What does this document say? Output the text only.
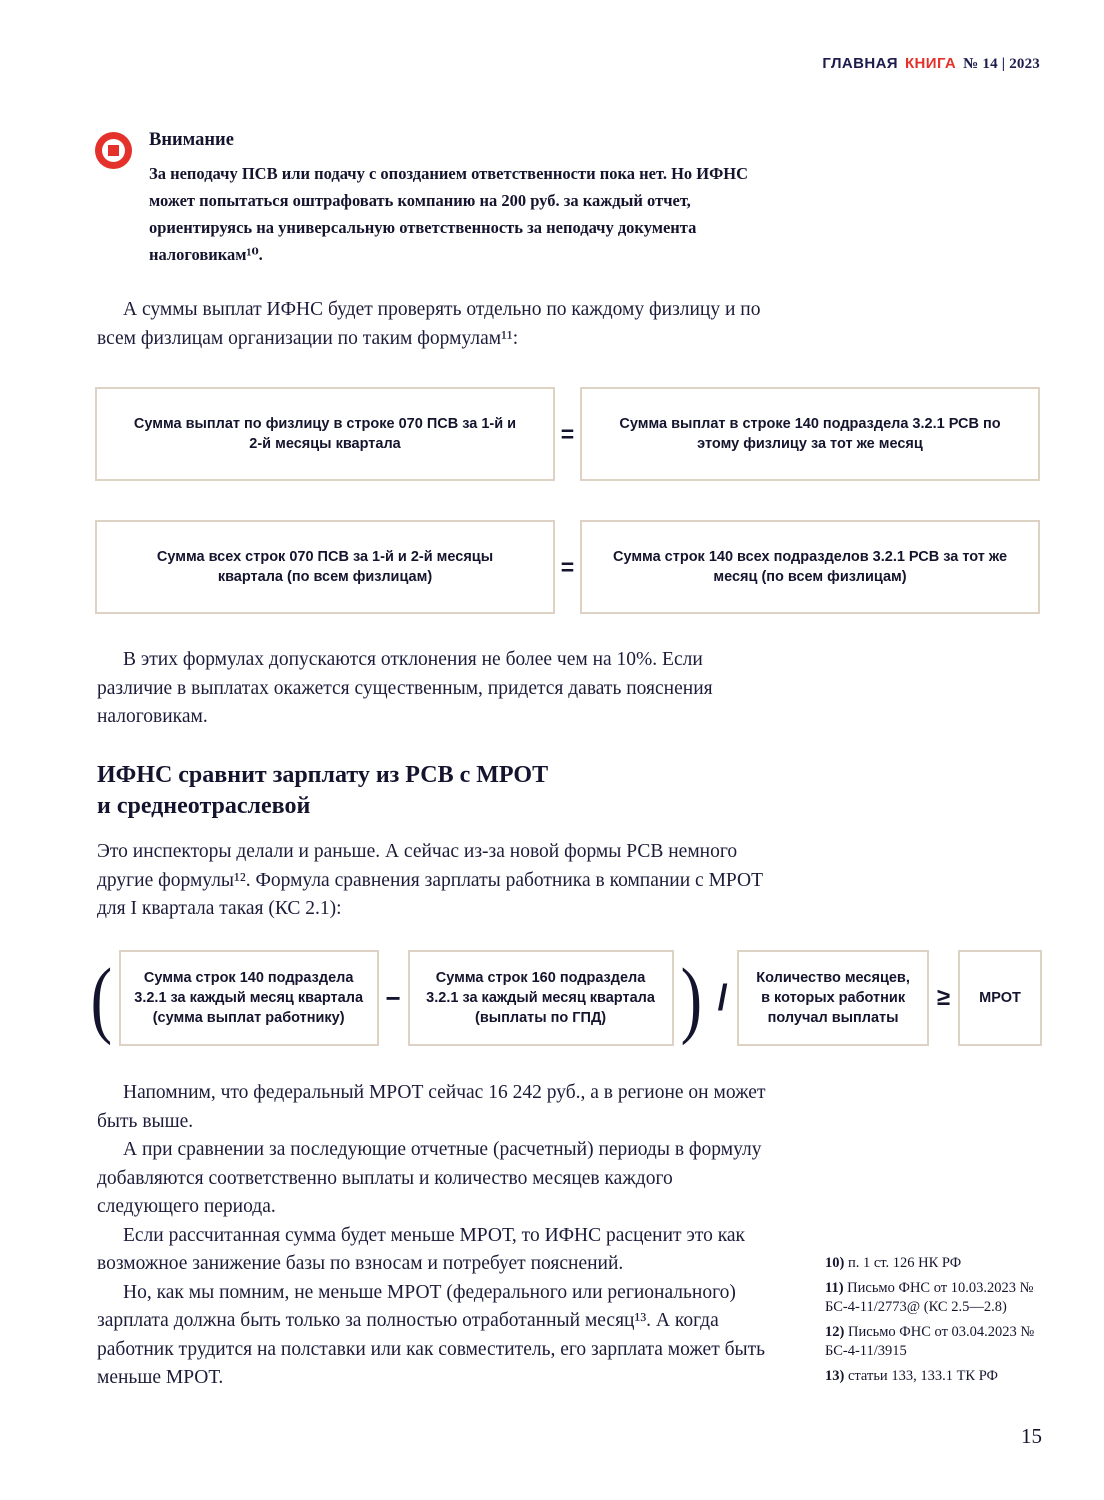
ГЛАВНАЯ КНИГА № 14 | 2023
Внимание
За неподачу ПСВ или подачу с опозданием ответственности пока нет. Но ИФНС может попытаться оштрафовать компанию на 200 руб. за каждый отчет, ориентируясь на универсальную ответственность за неподачу документа налоговикам¹⁰.

А суммы выплат ИФНС будет проверять отдельно по каждому физлицу и по всем физлицам организации по таким формулам¹¹:

Сумма выплат по физлицу в строке 070 ПСВ за 1-й и 2-й месяцы квартала	=	Сумма выплат в строке 140 подраздела 3.2.1 РСВ по этому физлицу за тот же месяц
Сумма всех строк 070 ПСВ за 1-й и 2-й месяцы квартала (по всем физлицам)	=	Сумма строк 140 всех подразделов 3.2.1 РСВ за тот же месяц (по всем физлицам)

В этих формулах допускаются отклонения не более чем на 10%. Если различие в выплатах окажется существенным, придется давать пояснения налоговикам.

ИФНС сравнит зарплату из РСВ с МРОТ
и среднеотраслевой

Это инспекторы делали и раньше. А сейчас из-за новой формы РСВ немного другие формулы¹². Формула сравнения зарплаты работника в компании с МРОТ для I квартала такая (КС 2.1):

(	Сумма строк 140 подраздела 3.2.1 за каждый месяц квартала (сумма выплат работнику)
−
Сумма строк 160 подраздела 3.2.1 за каждый месяц квартала (выплаты по ГПД) ) /	Количество месяцев, в которых работник получал выплаты
≥	МРОТ

Напомним, что федеральный МРОТ сейчас 16 242 руб., а в регионе он может быть выше.

А при сравнении за последующие отчетные (расчетный) периоды в формулу добавляются соответственно выплаты и количество месяцев каждого следующего периода.

Если рассчитанная сумма будет меньше МРОТ, то ИФНС расценит это как возможное занижение базы по взносам и потребует пояснений.

Но, как мы помним, не меньше МРОТ (федерального или регионального) зарплата должна быть только за полностью отработанный месяц¹³. А когда работник трудится на полставки или как совместитель, его зарплата может быть меньше МРОТ.

10) п. 1 ст. 126 НК РФ

11) Письмо ФНС от 10.03.2023 № БС-4-11/2773@ (КС 2.5—2.8)

12) Письмо ФНС от 03.04.2023 № БС-4-11/3915

13) статьи 133, 133.1 ТК РФ

15
